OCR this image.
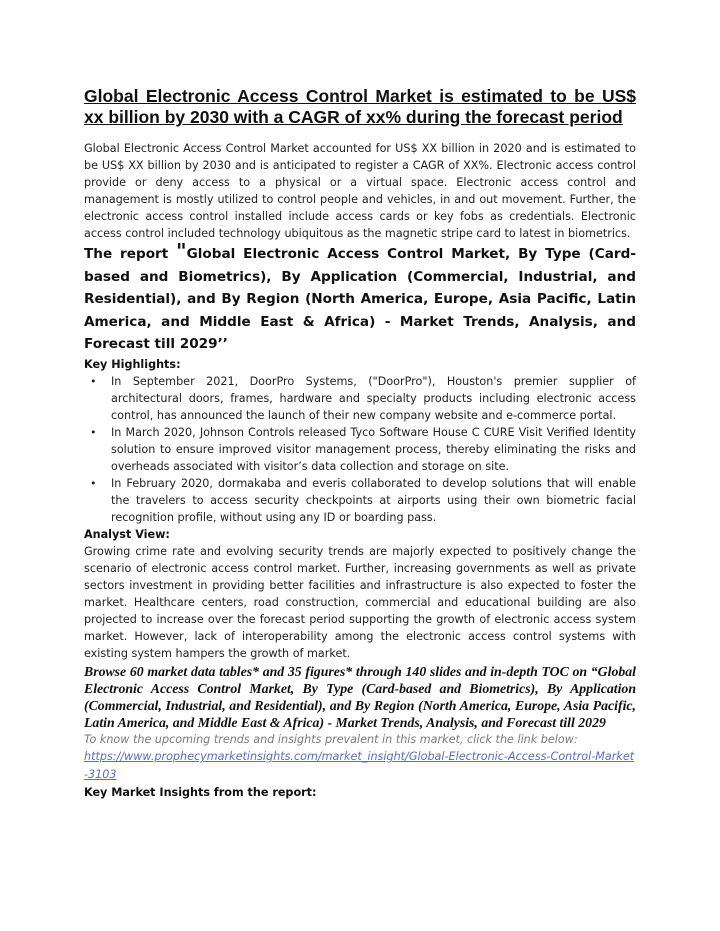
Global Electronic Access Control Market is estimated to be US$ xx billion by 2030 with a CAGR of xx% during the forecast period

Global Electronic Access Control Market accounted for US$ XX billion in 2020 and is estimated to be US$ XX billion by 2030 and is anticipated to register a CAGR of XX%. Electronic access control provide or deny access to a physical or a virtual space. Electronic access control and management is mostly utilized to control people and vehicles, in and out movement. Further, the electronic access control installed include access cards or key fobs as credentials. Electronic access control included technology ubiquitous as the magnetic stripe card to latest in biometrics.

The report "Global Electronic Access Control Market, By Type (Card-based and Biometrics), By Application (Commercial, Industrial, and Residential), and By Region (North America, Europe, Asia Pacific, Latin America, and Middle East & Africa) - Market Trends, Analysis, and Forecast till 2029’’

Key Highlights:

• In September 2021, DoorPro Systems, ("DoorPro"), Houston's premier supplier of architectural doors, frames, hardware and specialty products including electronic access control, has announced the launch of their new company website and e-commerce portal.
• In March 2020, Johnson Controls released Tyco Software House C CURE Visit Verified Identity solution to ensure improved visitor management process, thereby eliminating the risks and overheads associated with visitor’s data collection and storage on site.
• In February 2020, dormakaba and everis collaborated to develop solutions that will enable the travelers to access security checkpoints at airports using their own biometric facial recognition profile, without using any ID or boarding pass.

Analyst View:

Growing crime rate and evolving security trends are majorly expected to positively change the scenario of electronic access control market. Further, increasing governments as well as private sectors investment in providing better facilities and infrastructure is also expected to foster the market. Healthcare centers, road construction, commercial and educational building are also projected to increase over the forecast period supporting the growth of electronic access system market. However, lack of interoperability among the electronic access control systems with existing system hampers the growth of market.

Browse 60 market data tables* and 35 figures* through 140 slides and in-depth TOC on “Global Electronic Access Control Market, By Type (Card-based and Biometrics), By Application (Commercial, Industrial, and Residential), and By Region (North America, Europe, Asia Pacific, Latin America, and Middle East & Africa) - Market Trends, Analysis, and Forecast till 2029

To know the upcoming trends and insights prevalent in this market, click the link below:

https://www.prophecymarketinsights.com/market_insight/Global-Electronic-Access-Control-Market-3103

Key Market Insights from the report:
